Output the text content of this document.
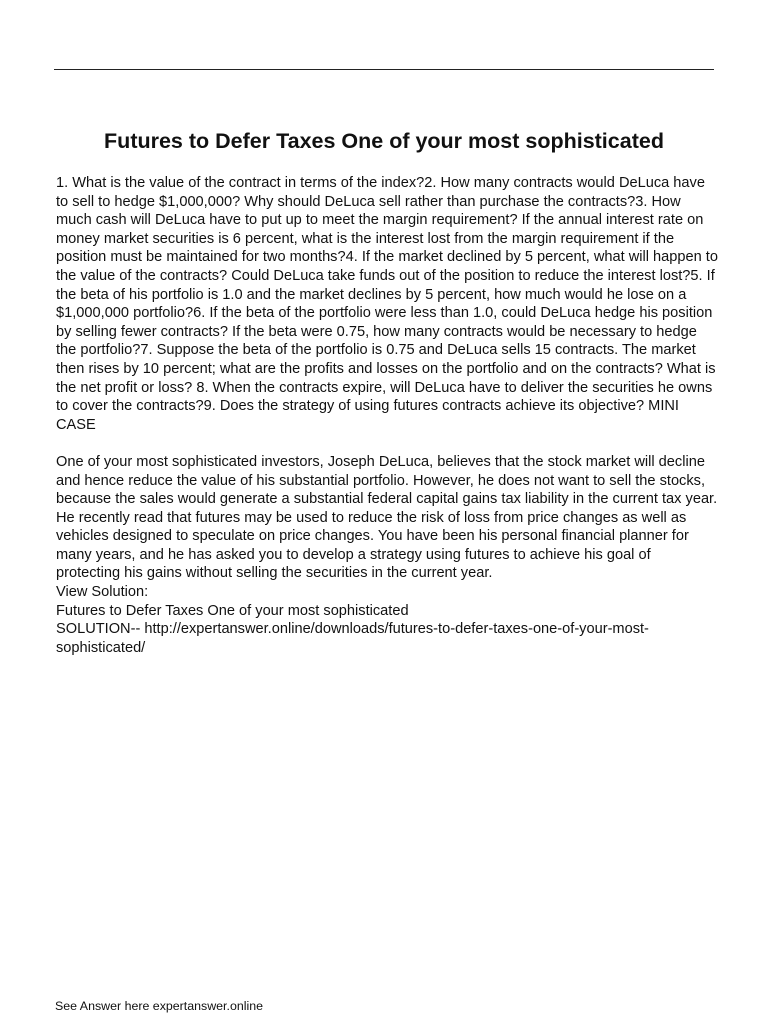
Futures to Defer Taxes One of your most sophisticated

1. What is the value of the contract in terms of the index?2. How many contracts would DeLuca have to sell to hedge $1,000,000? Why should DeLuca sell rather than purchase the contracts?3. How much cash will DeLuca have to put up to meet the margin requirement? If the annual interest rate on money market securities is 6 percent, what is the interest lost from the margin requirement if the position must be maintained for two months?4. If the market declined by 5 percent, what will happen to the value of the contracts? Could DeLuca take funds out of the position to reduce the interest lost?5. If the beta of his portfolio is 1.0 and the market declines by 5 percent, how much would he lose on a $1,000,000 portfolio?6. If the beta of the portfolio were less than 1.0, could DeLuca hedge his position by selling fewer contracts? If the beta were 0.75, how many contracts would be necessary to hedge the portfolio?7. Suppose the beta of the portfolio is 0.75 and DeLuca sells 15 contracts. The market then rises by 10 percent; what are the profits and losses on the portfolio and on the contracts? What is the net profit or loss? 8. When the contracts expire, will DeLuca have to deliver the securities he owns to cover the contracts?9. Does the strategy of using futures contracts achieve its objective? MINI CASE

One of your most sophisticated investors, Joseph DeLuca, believes that the stock market will decline and hence reduce the value of his substantial portfolio. However, he does not want to sell the stocks, because the sales would generate a substantial federal capital gains tax liability in the current tax year. He recently read that futures may be used to reduce the risk of loss from price changes as well as vehicles designed to speculate on price changes. You have been his personal financial planner for many years, and he has asked you to develop a strategy using futures to achieve his goal of protecting his gains without selling the securities in the current year.

View Solution:
Futures to Defer Taxes One of your most sophisticated
SOLUTION-- http://expertanswer.online/downloads/futures-to-defer-taxes-one-of-your-most-
sophisticated/
See Answer here expertanswer.online
